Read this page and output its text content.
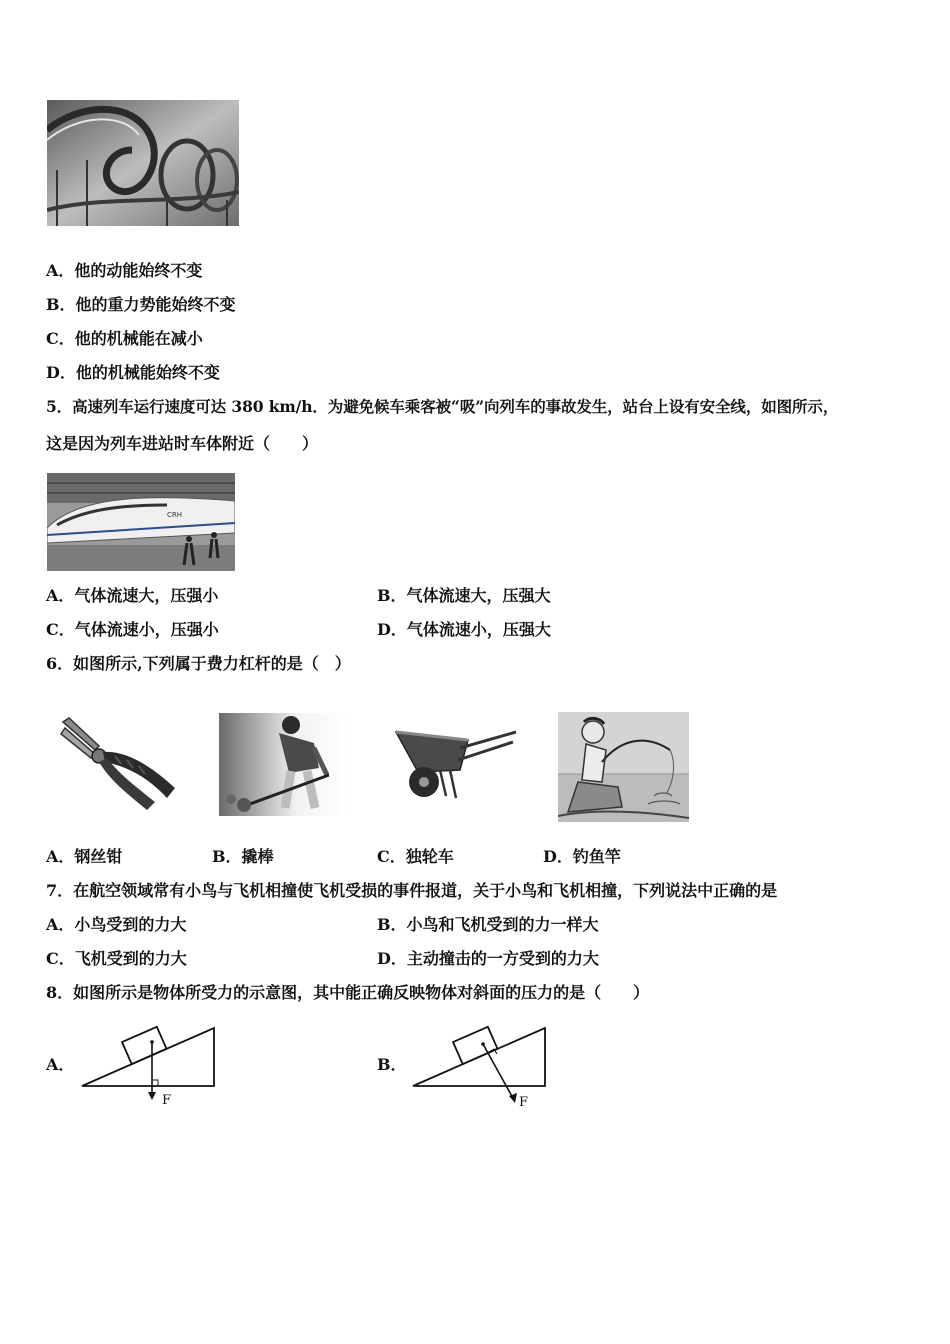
A．他的动能始终不变
B．他的重力势能始终不变
C．他的机械能在减小
D．他的机械能始终不变
5．高速列车运行速度可达 380 km/h．为避免候车乘客被“吸”向列车的事故发生，站台上设有安全线，如图所示，
这是因为列车进站时车体附近（　　）
CRH
A．气体流速大，压强小	B．气体流速大，压强大
C．气体流速小，压强小	D．气体流速小，压强大
6．如图所示,下列属于费力杠杆的是（　）
A．钢丝钳	B．撬棒	C．独轮车	D．钓鱼竿
7．在航空领域常有小鸟与飞机相撞使飞机受损的事件报道，关于小鸟和飞机相撞，下列说法中正确的是
A．小鸟受到的力大	B．小鸟和飞机受到的力一样大
C．飞机受到的力大	D．主动撞击的一方受到的力大
8．如图所示是物体所受力的示意图，其中能正确反映物体对斜面的压力的是（　　）
A．	B．
F	F
